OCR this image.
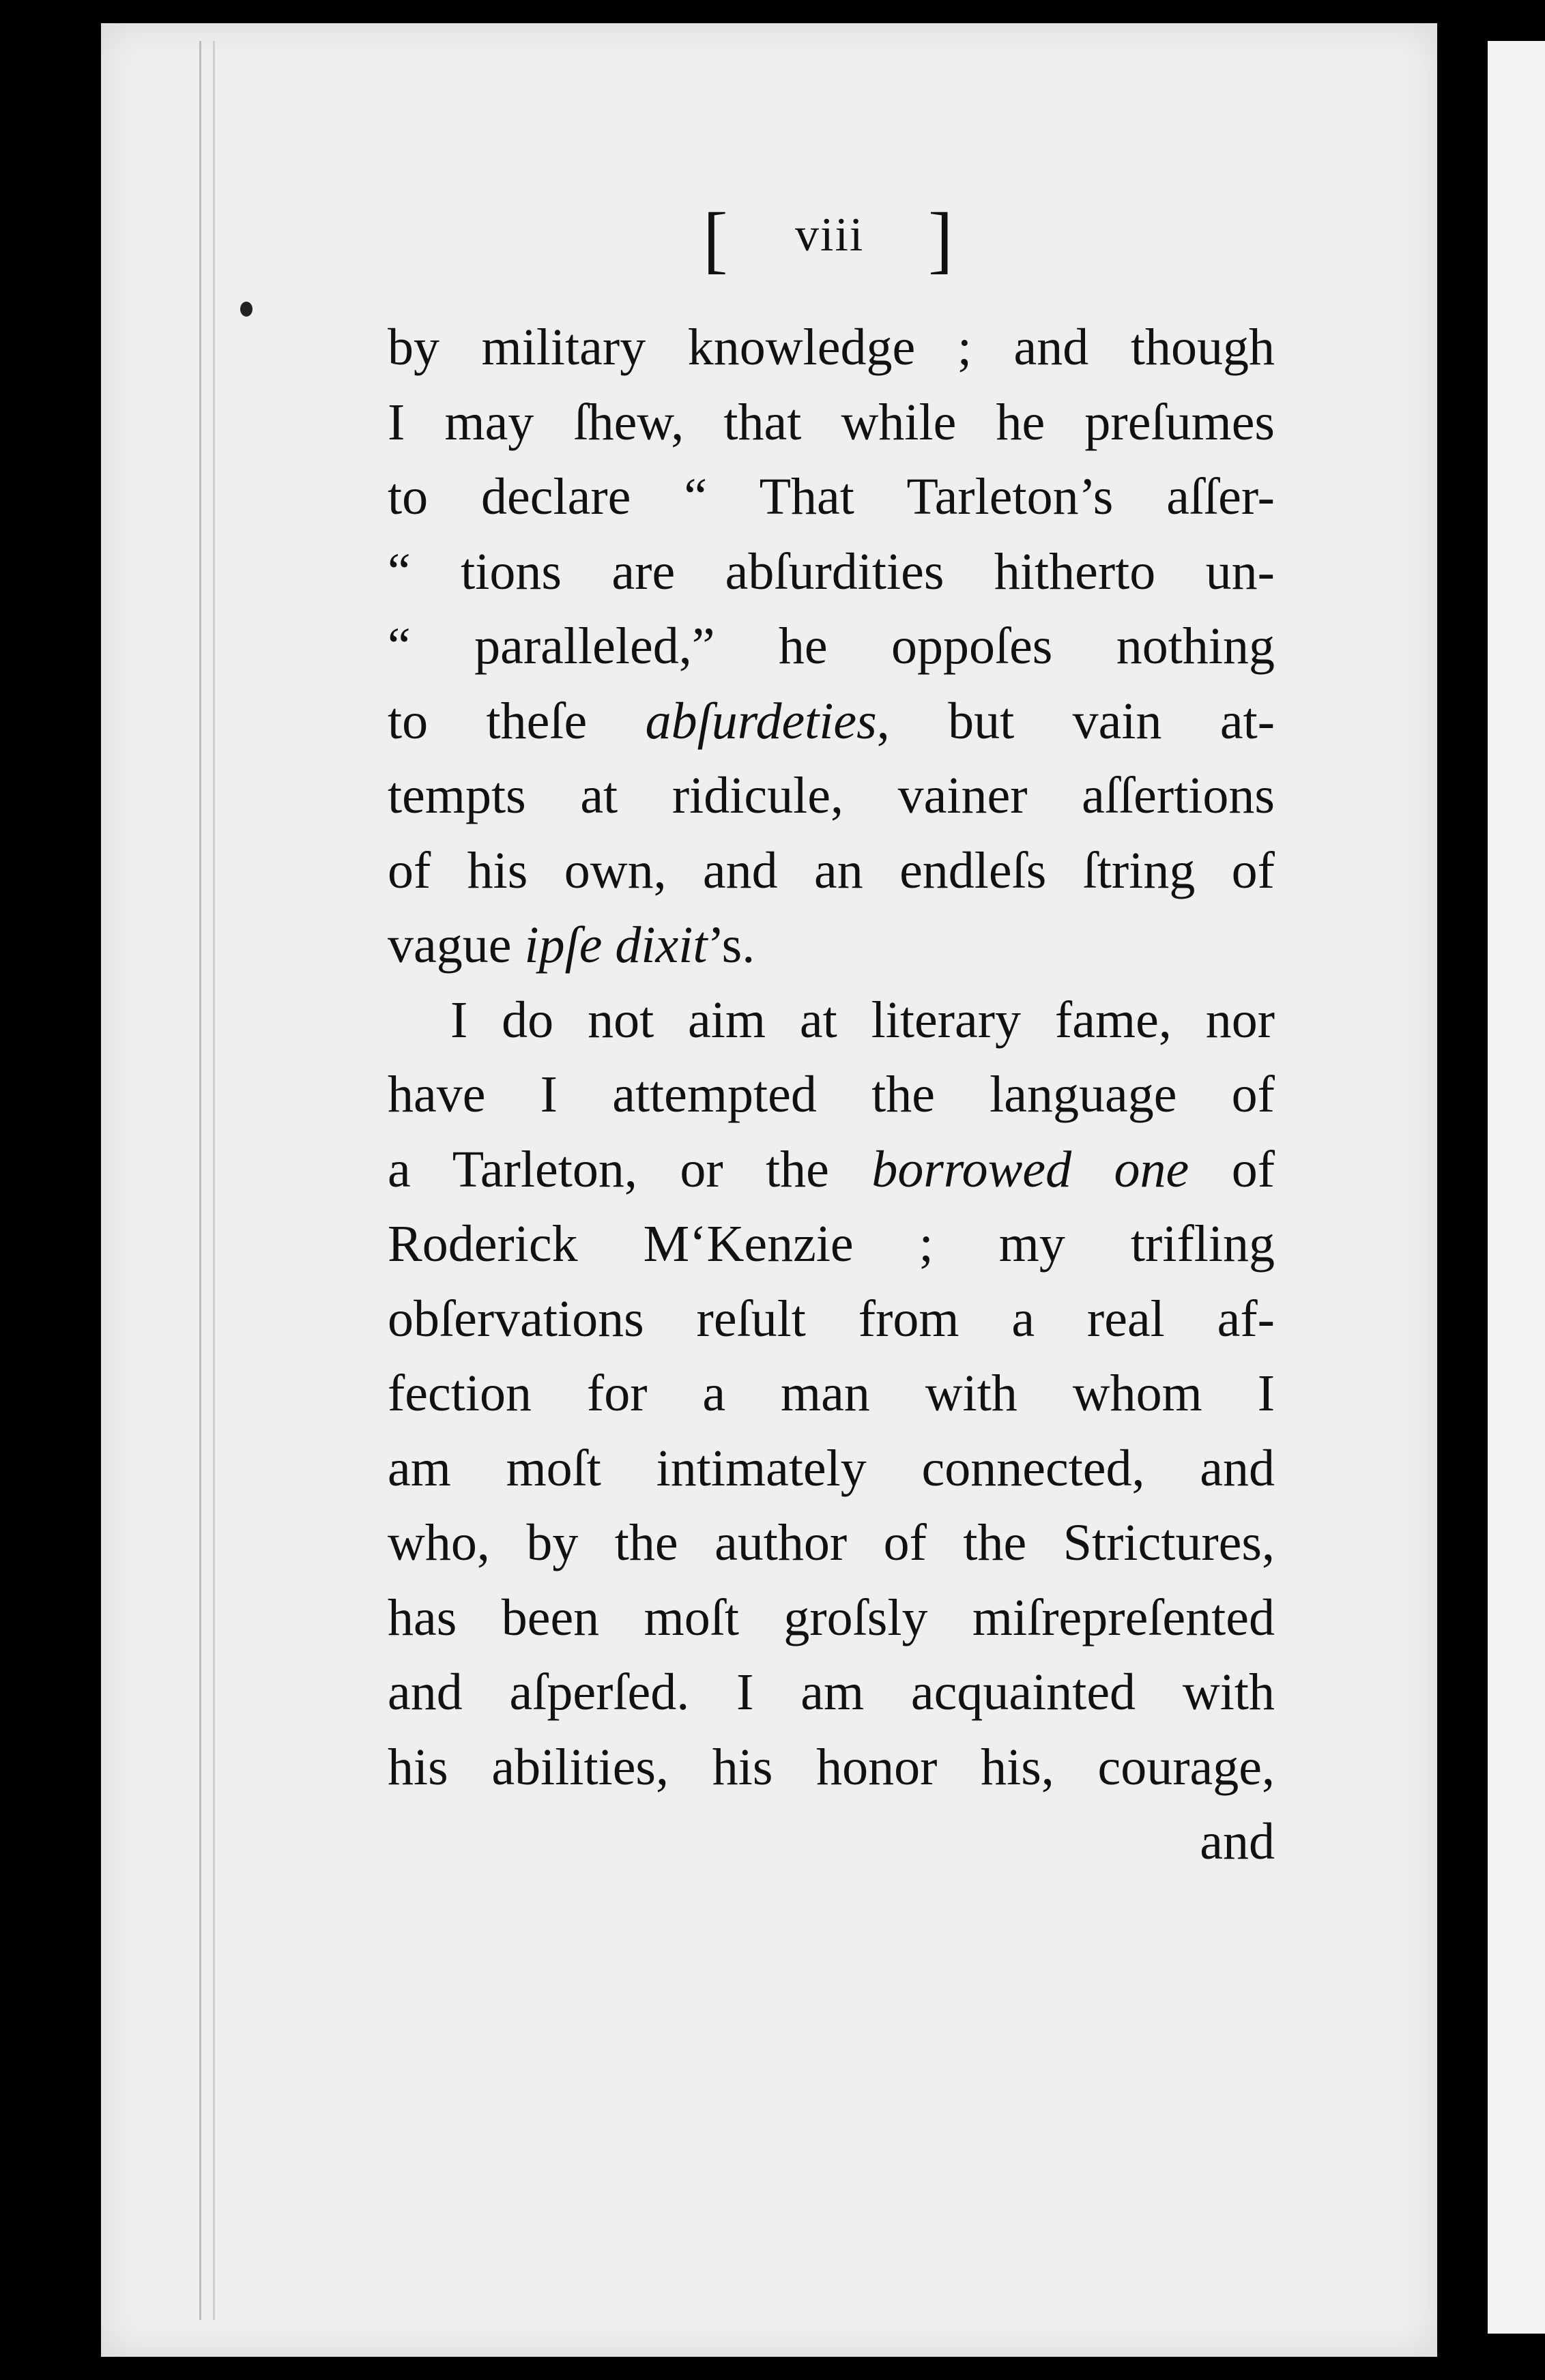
[ viii ]
by military knowledge ; and though
I may ſhew, that while he preſumes
to declare “ That Tarleton’s aſſer-
“ tions are abſurdities hitherto un-
“ paralleled,” he oppoſes nothing
to theſe abſurdeties, but vain at-
tempts at ridicule, vainer aſſertions
of his own, and an endleſs ſtring of
vague ipſe dixit’s.
I do not aim at literary fame, nor
have I attempted the language of
a Tarleton, or the borrowed one of
Roderick M‘Kenzie ; my trifling
obſervations reſult from a real af-
fection for a man with whom I
am moſt intimately connected, and
who, by the author of the Strictures,
has been moſt groſsly miſrepreſented
and aſperſed. I am acquainted with
his abilities, his honor his, courage,
and
